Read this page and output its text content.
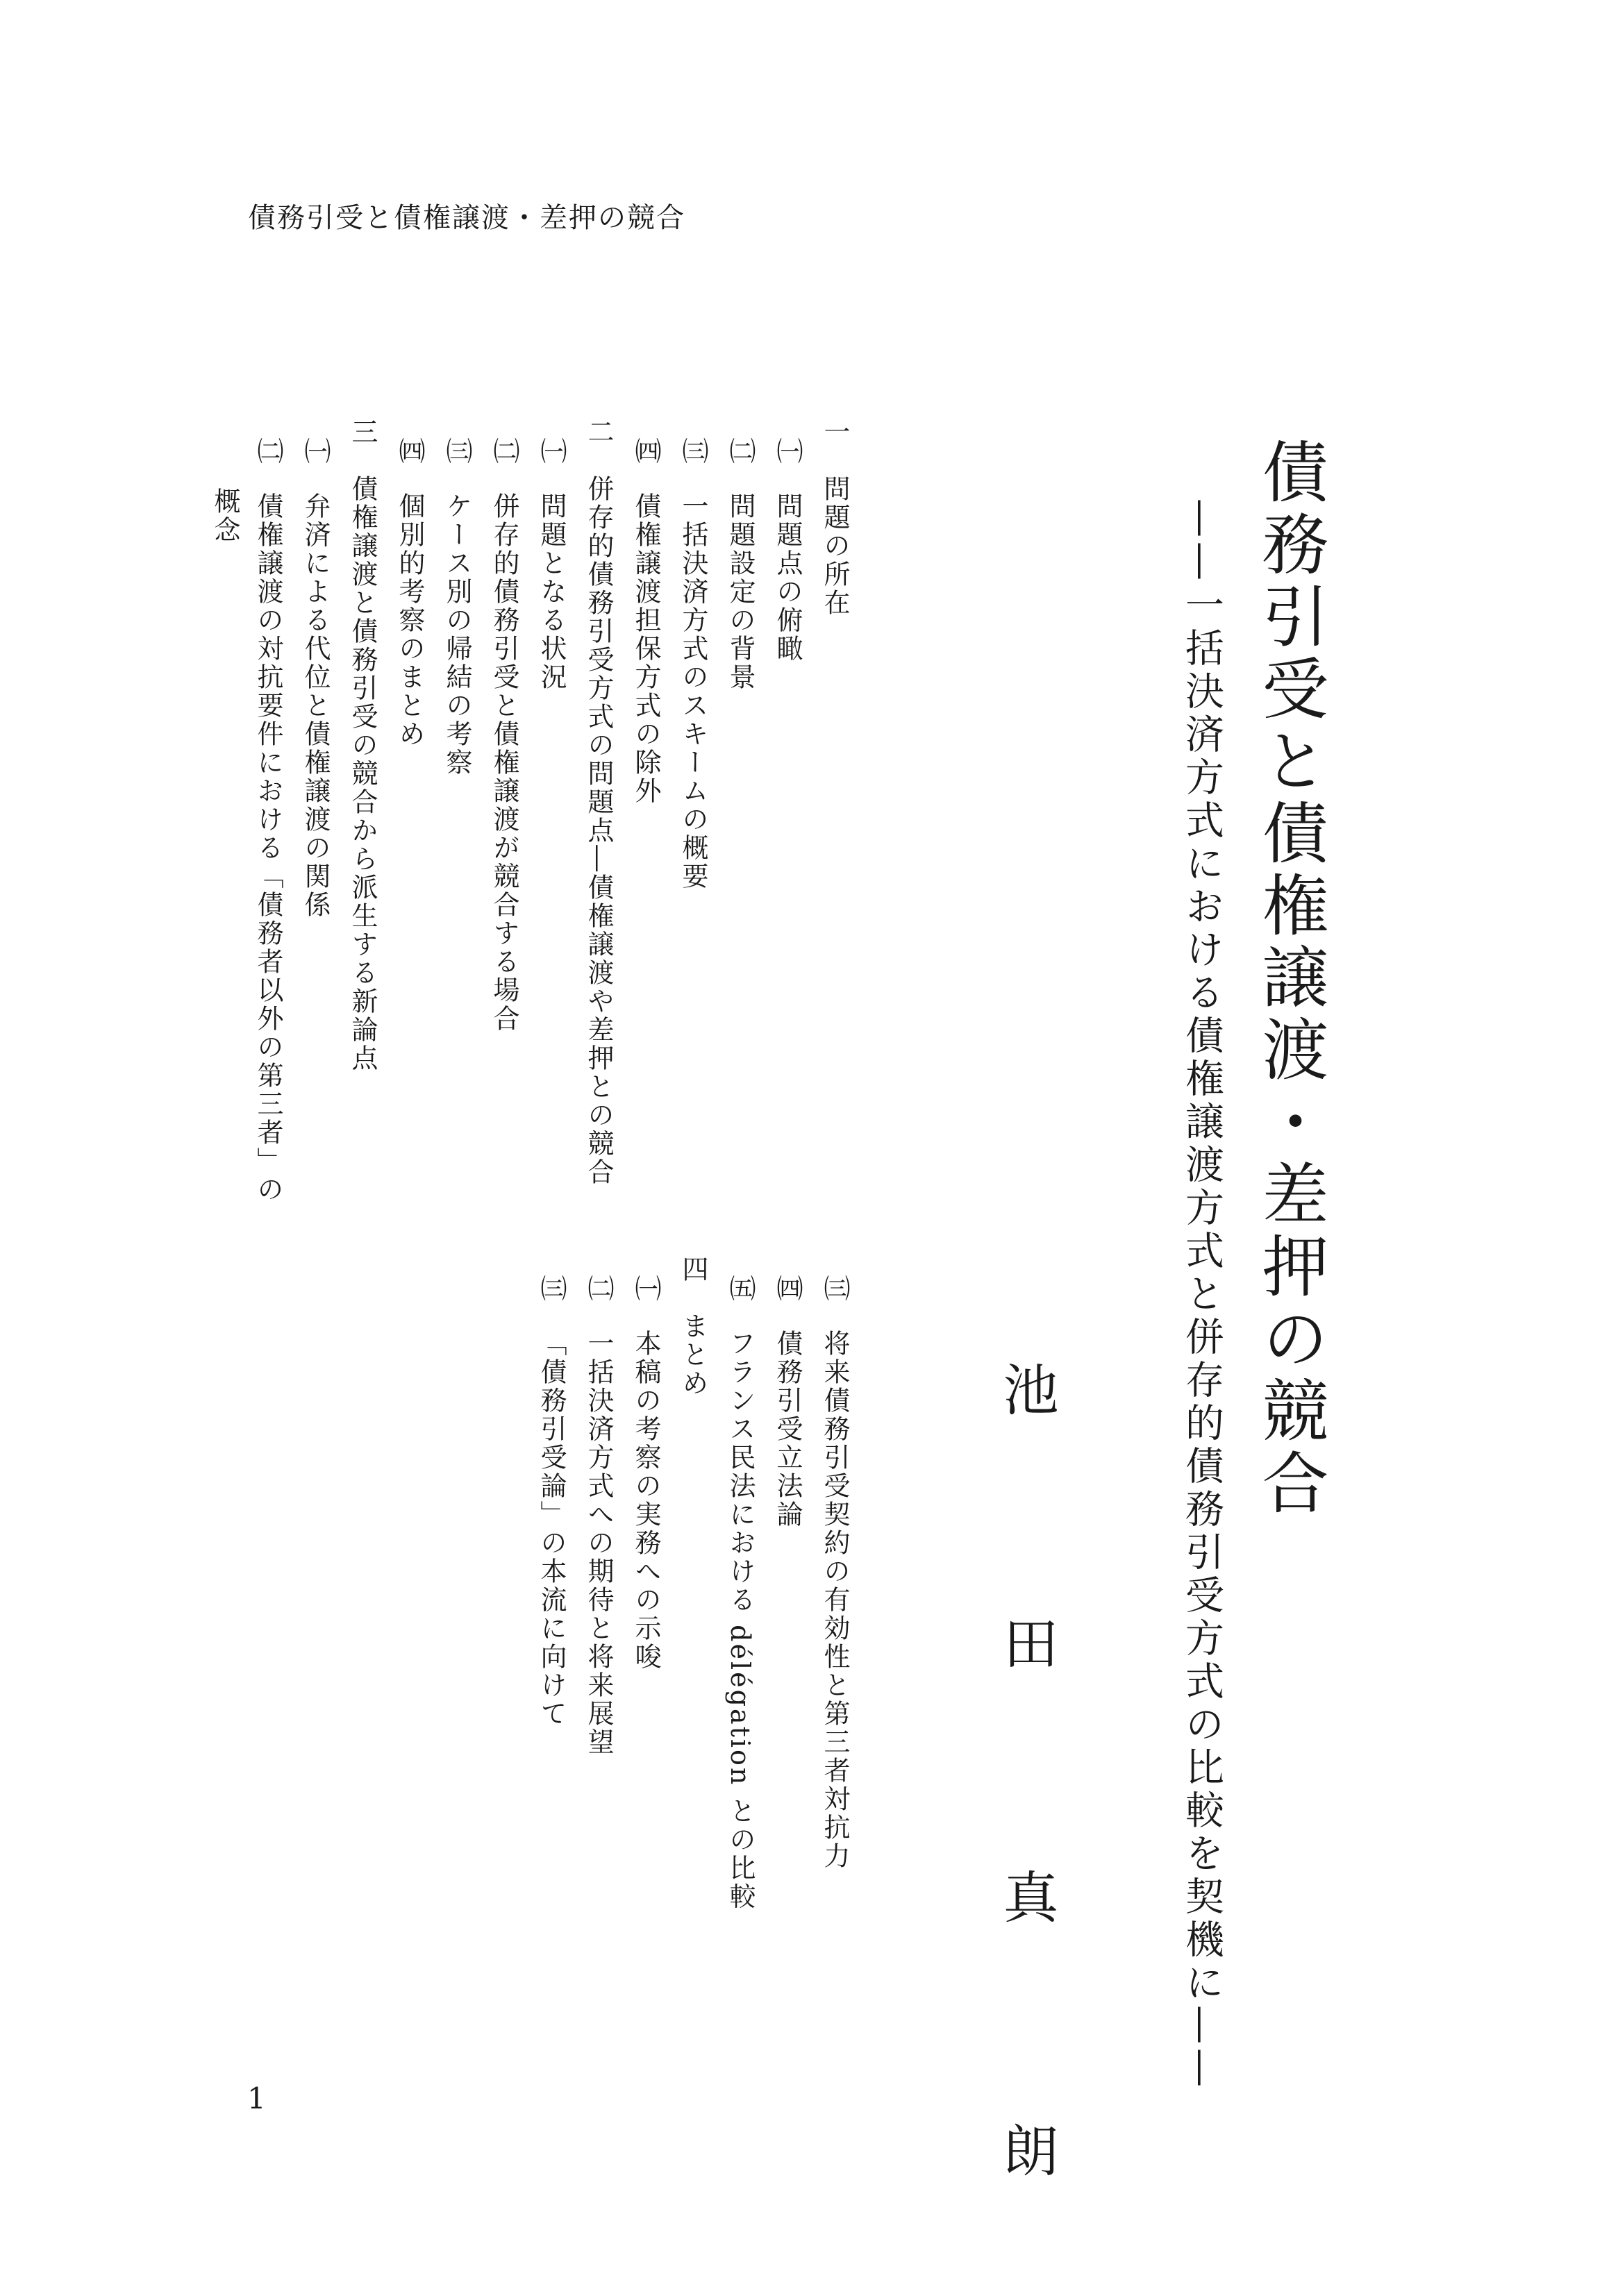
債務引受と債権譲渡・差押の競合
債務引受と債権譲渡・差押の競合
——一括決済方式における債権譲渡方式と併存的債務引受方式の比較を契機に——
池 田 真 朗
一 問題の所在
㈠ 問題点の俯瞰
㈡ 問題設定の背景
㈢ 一括決済方式のスキームの概要
㈣ 債権譲渡担保方式の除外
二 併存的債務引受方式の問題点―債権譲渡や差押との競合
㈠ 問題となる状況
㈡ 併存的債務引受と債権譲渡が競合する場合
㈢ ケース別の帰結の考察
㈣ 個別的考察のまとめ
三 債権譲渡と債務引受の競合から派生する新論点
㈠ 弁済による代位と債権譲渡の関係
㈡ 債権譲渡の対抗要件における「債務者以外の第三者」の
概念
㈢ 将来債務引受契約の有効性と第三者対抗力
㈣ 債務引受立法論
㈤ フランス民法における délégation との比較
四 まとめ
㈠ 本稿の考察の実務への示唆
㈡ 一括決済方式への期待と将来展望
㈢ 「債務引受論」の本流に向けて
1
